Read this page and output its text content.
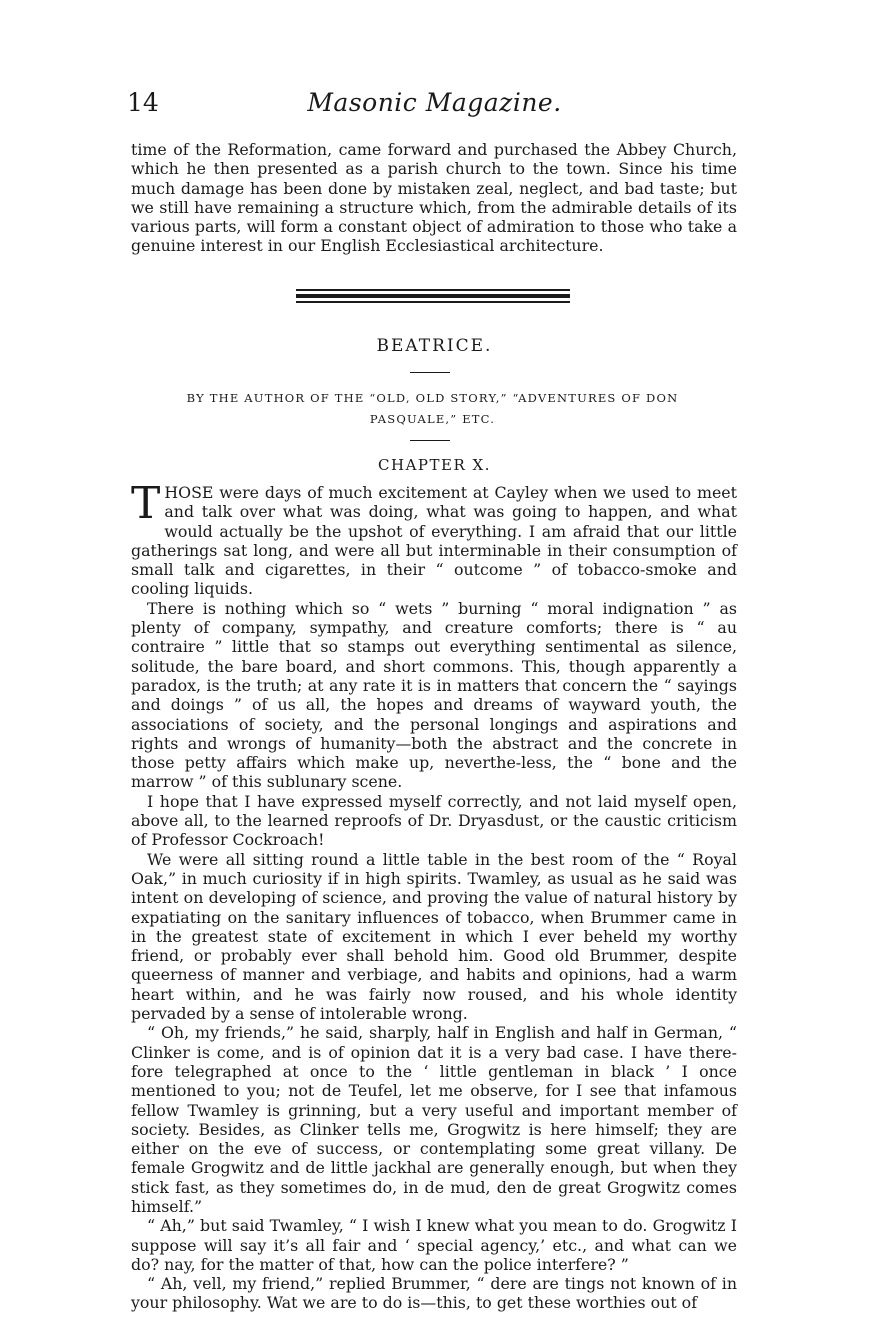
14	Masonic Magazine.

time of the Reformation, came forward and purchased the Abbey Church, which he then presented as a parish church to the town. Since his time much damage has been done by mistaken zeal, neglect, and bad taste; but we still have remaining a structure which, from the admirable details of its various parts, will form a constant object of admiration to those who take a genuine interest in our English Ecclesiastical architecture.

BEATRICE.
BY THE AUTHOR OF THE “OLD, OLD STORY,” “ADVENTURES OF DON PASQUALE,” ETC.
CHAPTER X.

THOSE were days of much excitement at Cayley when we used to meet and talk over what was doing, what was going to happen, and what would actually be the upshot of everything. I am afraid that our little gatherings sat long, and were all but interminable in their consumption of small talk and cigarettes, in their “ outcome ” of tobacco-smoke and cooling liquids.

There is nothing which so “ wets ” burning “ moral indignation ” as plenty of company, sympathy, and creature comforts; there is “ au contraire ” little that so stamps out everything sentimental as silence, solitude, the bare board, and short commons. This, though apparently a paradox, is the truth; at any rate it is in matters that concern the “ sayings and doings ” of us all, the hopes and dreams of wayward youth, the associations of society, and the personal longings and aspirations and rights and wrongs of humanity—both the abstract and the concrete in those petty affairs which make up, neverthe-less, the “ bone and the marrow ” of this sublunary scene.

I hope that I have expressed myself correctly, and not laid myself open, above all, to the learned reproofs of Dr. Dryasdust, or the caustic criticism of Professor Cockroach!

We were all sitting round a little table in the best room of the “ Royal Oak,” in much curiosity if in high spirits. Twamley, as usual as he said was intent on developing of science, and proving the value of natural history by expatiating on the sanitary influences of tobacco, when Brummer came in in the greatest state of excitement in which I ever beheld my worthy friend, or probably ever shall behold him. Good old Brummer, despite queerness of manner and verbiage, and habits and opinions, had a warm heart within, and he was fairly now roused, and his whole identity pervaded by a sense of intolerable wrong.

“ Oh, my friends,” he said, sharply, half in English and half in German, “ Clinker is come, and is of opinion dat it is a very bad case. I have there-fore telegraphed at once to the ‘ little gentleman in black ’ I once mentioned to you; not de Teufel, let me observe, for I see that infamous fellow Twamley is grinning, but a very useful and important member of society. Besides, as Clinker tells me, Grogwitz is here himself; they are either on the eve of success, or contemplating some great villany. De female Grogwitz and de little jackhal are generally enough, but when they stick fast, as they sometimes do, in de mud, den de great Grogwitz comes himself.”

“ Ah,” but said Twamley, “ I wish I knew what you mean to do. Grogwitz I suppose will say it’s all fair and ‘ special agency,’ etc., and what can we do? nay, for the matter of that, how can the police interfere? ”

“ Ah, vell, my friend,” replied Brummer, “ dere are tings not known of in your philosophy. Wat we are to do is—this, to get these worthies out of
